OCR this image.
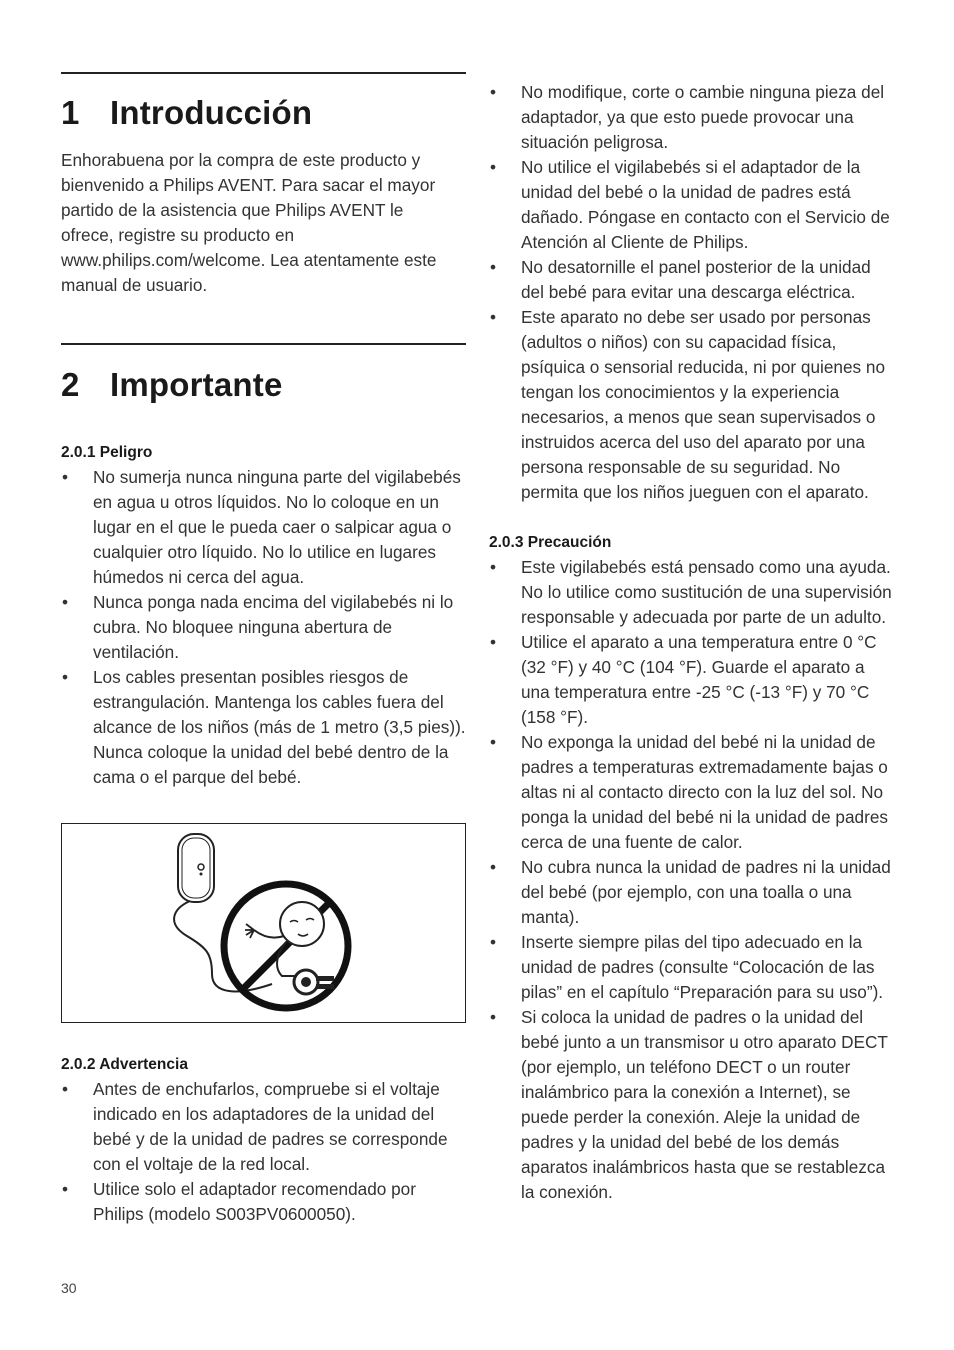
1 Introducción

Enhorabuena por la compra de este producto y bienvenido a Philips AVENT. Para sacar el mayor partido de la asistencia que Philips AVENT le ofrece, registre su producto en www.philips.com/welcome. Lea atentamente este manual de usuario.

2 Importante
2.0.1 Peligro
• No sumerja nunca ninguna parte del vigilabebés en agua u otros líquidos. No lo coloque en un lugar en el que le pueda caer o salpicar agua o cualquier otro líquido. No lo utilice en lugares húmedos ni cerca del agua.
• Nunca ponga nada encima del vigilabebés ni lo cubra. No bloquee ninguna abertura de ventilación.
• Los cables presentan posibles riesgos de estrangulación. Mantenga los cables fuera del alcance de los niños (más de 1 metro (3,5 pies)). Nunca coloque la unidad del bebé dentro de la cama o el parque del bebé.
2.0.2 Advertencia
• Antes de enchufarlos, compruebe si el voltaje indicado en los adaptadores de la unidad del bebé y de la unidad de padres se corresponde con el voltaje de la red local.
• Utilice solo el adaptador recomendado por Philips (modelo S003PV0600050).
• No modifique, corte o cambie ninguna pieza del adaptador, ya que esto puede provocar una situación peligrosa.
• No utilice el vigilabebés si el adaptador de la unidad del bebé o la unidad de padres está dañado. Póngase en contacto con el Servicio de Atención al Cliente de Philips.
• No desatornille el panel posterior de la unidad del bebé para evitar una descarga eléctrica.
• Este aparato no debe ser usado por personas (adultos o niños) con su capacidad física, psíquica o sensorial reducida, ni por quienes no tengan los conocimientos y la experiencia necesarios, a menos que sean supervisados o instruidos acerca del uso del aparato por una persona responsable de su seguridad. No permita que los niños jueguen con el aparato.
2.0.3 Precaución
• Este vigilabebés está pensado como una ayuda. No lo utilice como sustitución de una supervisión responsable y adecuada por parte de un adulto.
• Utilice el aparato a una temperatura entre 0 °C (32 °F) y 40 °C (104 °F). Guarde el aparato a una temperatura entre -25 °C (-13 °F) y 70 °C (158 °F).
• No exponga la unidad del bebé ni la unidad de padres a temperaturas extremadamente bajas o altas ni al contacto directo con la luz del sol. No ponga la unidad del bebé ni la unidad de padres cerca de una fuente de calor.
• No cubra nunca la unidad de padres ni la unidad del bebé (por ejemplo, con una toalla o una manta).
• Inserte siempre pilas del tipo adecuado en la unidad de padres (consulte “Colocación de las pilas” en el capítulo “Preparación para su uso”).
• Si coloca la unidad de padres o la unidad del bebé junto a un transmisor u otro aparato DECT (por ejemplo, un teléfono DECT o un router inalámbrico para la conexión a Internet), se puede perder la conexión. Aleje la unidad de padres y la unidad del bebé de los demás aparatos inalámbricos hasta que se restablezca la conexión.
30
